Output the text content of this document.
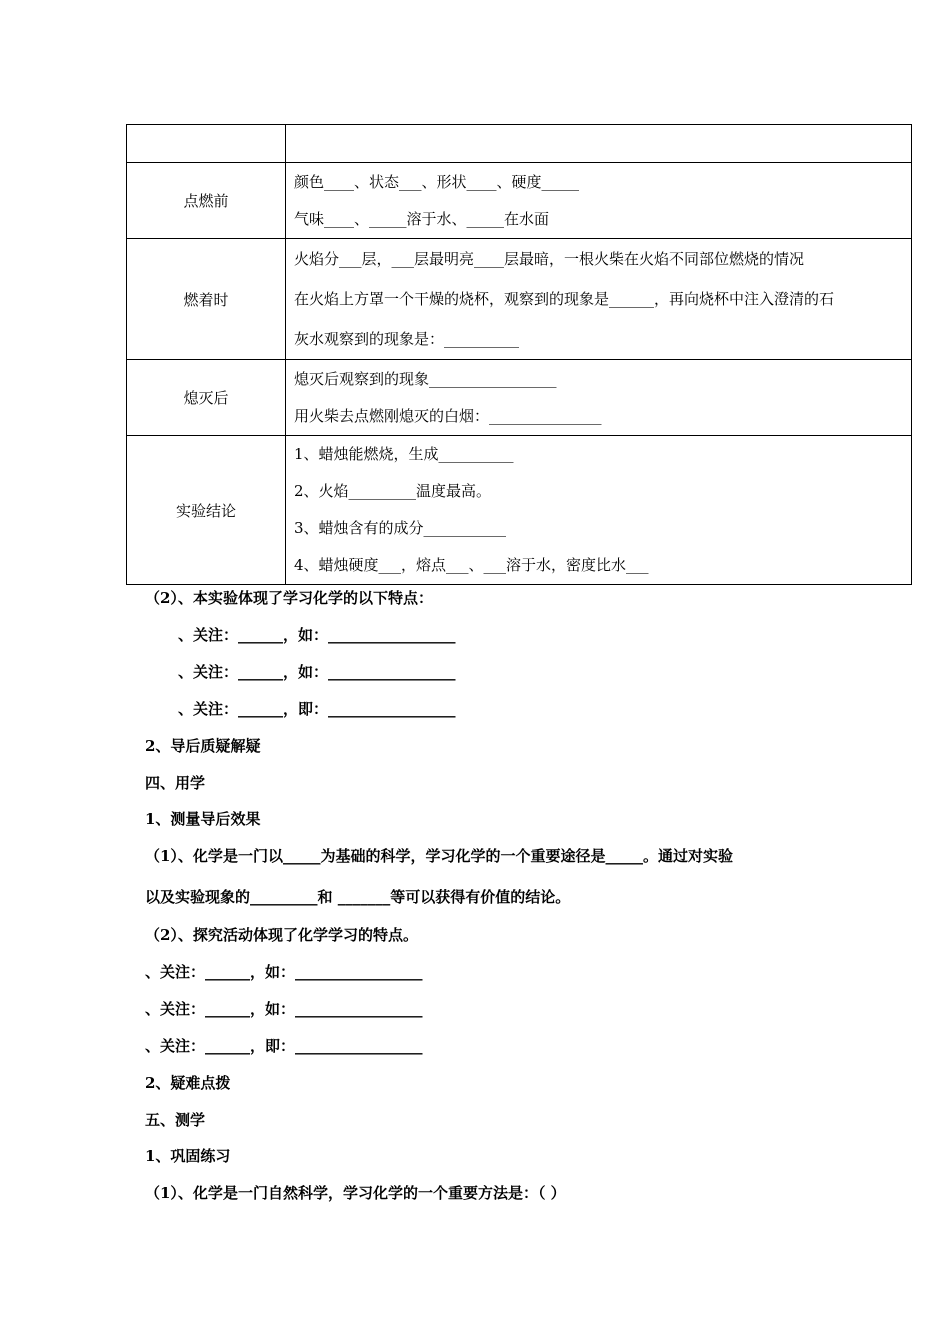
点燃前	颜色____、状态___、形状____、硬度_____
气味____、_____溶于水、_____在水面

燃着时	火焰分___层，___层最明亮____层最暗，一根火柴在火焰不同部位燃烧的情况
在火焰上方罩一个干燥的烧杯，观察到的现象是______，再向烧杯中注入澄清的石
灰水观察到的现象是：__________

熄灭后	熄灭后观察到的现象_________________
用火柴去点燃刚熄灭的白烟：_______________

实验结论	1、蜡烛能燃烧，生成__________
2、火焰_________温度最高。
3、蜡烛含有的成分___________
4、蜡烛硬度___，熔点___、___溶于水，密度比水___
（2）、本实验体现了学习化学的以下特点：
、关注：______，如：_________________
、关注：______，如：_________________
、关注：______，即：_________________
2、导后质疑解疑
四、用学
1、测量导后效果
（1）、化学是一门以_____为基础的科学，学习化学的一个重要途径是_____。通过对实验
以及实验现象的_________和 _______等可以获得有价值的结论。
（2）、探究活动体现了化学学习的特点。
、关注：______，如：_________________
、关注：______，如：_________________
、关注：______，即：_________________
2、疑难点拨
五、测学
1、巩固练习
（1）、化学是一门自然科学，学习化学的一个重要方法是：（ ）
